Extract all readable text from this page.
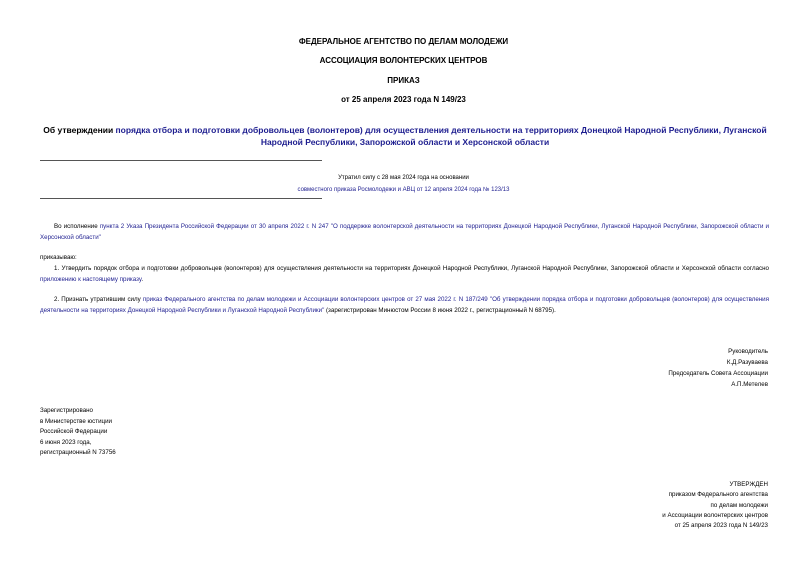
ФЕДЕРАЛЬНОЕ АГЕНТСТВО ПО ДЕЛАМ МОЛОДЕЖИ
АССОЦИАЦИЯ ВОЛОНТЕРСКИХ ЦЕНТРОВ
ПРИКАЗ
от 25 апреля 2023 года N 149/23
Об утверждении порядка отбора и подготовки добровольцев (волонтеров) для осуществления деятельности на территориях Донецкой Народной Республики, Луганской Народной Республики, Запорожской области и Херсонской области
Утратил силу с 28 мая 2024 года на основании
совместного приказа Росмолодежи и АВЦ от 12 апреля 2024 года № 123/13
Во исполнение пункта 2 Указа Президента Российской Федерации от 30 апреля 2022 г. N 247 "О поддержке волонтерской деятельности на территориях Донецкой Народной Республики, Луганской Народной Республики, Запорожской области и Херсонской области"
приказываю:
1. Утвердить порядок отбора и подготовки добровольцев (волонтеров) для осуществления деятельности на территориях Донецкой Народной Республики, Луганской Народной Республики, Запорожской области и Херсонской области согласно приложению к настоящему приказу.
2. Признать утратившим силу приказ Федерального агентства по делам молодежи и Ассоциации волонтерских центров от 27 мая 2022 г. N 187/249 "Об утверждении порядка отбора и подготовки добровольцев (волонтеров) для осуществления деятельности на территориях Донецкой Народной Республики и Луганской Народной Республики" (зарегистрирован Минюстом России 8 июня 2022 г., регистрационный N 68795).
Руководитель
К.Д.Разуваева
Председатель Совета Ассоциации
А.П.Метелев
Зарегистрировано
в Министерстве юстиции
Российской Федерации
6 июня 2023 года,
регистрационный N 73756
УТВЕРЖДЕН
приказом Федерального агентства
по делам молодежи
и Ассоциации волонтерских центров
от 25 апреля 2023 года N 149/23
